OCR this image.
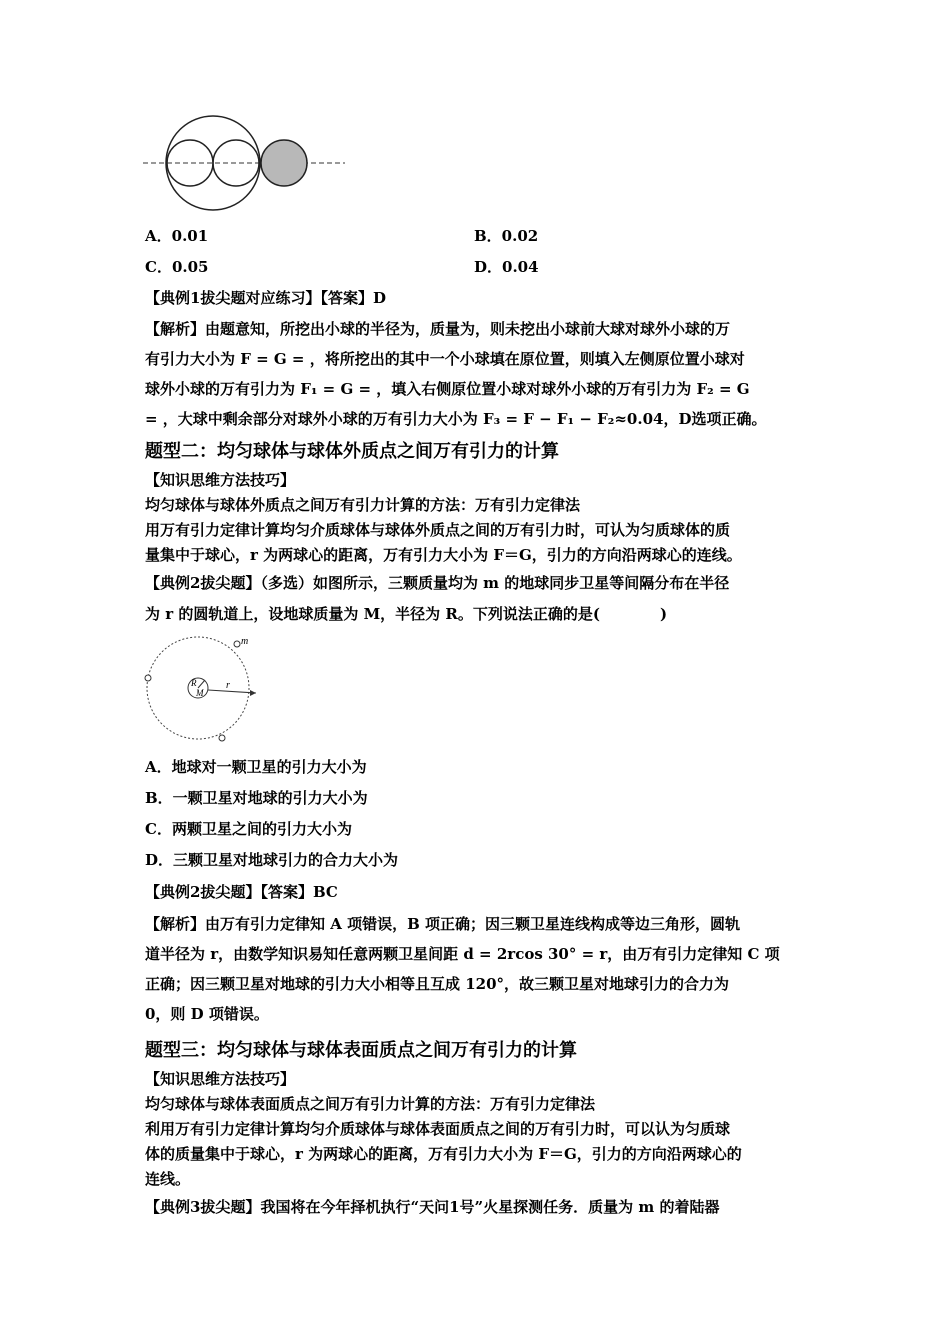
A．0.01	B．0.02
C．0.05	D．0.04
【典例1拔尖题对应练习】【答案】D
【解析】由题意知，所挖出小球的半径为，质量为，则未挖出小球前大球对球外小球的万
有引力大小为 F = G = ，将所挖出的其中一个小球填在原位置，则填入左侧原位置小球对
球外小球的万有引力为 F₁ = G = ，填入右侧原位置小球对球外小球的万有引力为 F₂ = G
= ，大球中剩余部分对球外小球的万有引力大小为 F₃ = F − F₁ − F₂≈0.04，D选项正确。
题型二：均匀球体与球体外质点之间万有引力的计算
【知识思维方法技巧】
均匀球体与球体外质点之间万有引力计算的方法：万有引力定律法
用万有引力定律计算均匀介质球体与球体外质点之间的万有引力时，可认为匀质球体的质
量集中于球心，r 为两球心的距离，万有引力大小为 F＝G，引力的方向沿两球心的连线。
【典例2拔尖题】（多选）如图所示，三颗质量均为 m 的地球同步卫星等间隔分布在半径
为 r 的圆轨道上，设地球质量为 M，半径为 R。下列说法正确的是(　　　　)
m
R
M
r
A．地球对一颗卫星的引力大小为
B．一颗卫星对地球的引力大小为
C．两颗卫星之间的引力大小为
D．三颗卫星对地球引力的合力大小为
【典例2拔尖题】【答案】BC
【解析】由万有引力定律知 A 项错误，B 项正确；因三颗卫星连线构成等边三角形，圆轨
道半径为 r，由数学知识易知任意两颗卫星间距 d = 2rcos 30° = r，由万有引力定律知 C 项
正确；因三颗卫星对地球的引力大小相等且互成 120°，故三颗卫星对地球引力的合力为
0，则 D 项错误。
题型三：均匀球体与球体表面质点之间万有引力的计算
【知识思维方法技巧】
均匀球体与球体表面质点之间万有引力计算的方法：万有引力定律法
利用万有引力定律计算均匀介质球体与球体表面质点之间的万有引力时，可以认为匀质球
体的质量集中于球心，r 为两球心的距离，万有引力大小为 F＝G，引力的方向沿两球心的
连线。
【典例3拔尖题】我国将在今年择机执行“天问1号”火星探测任务．质量为 m 的着陆器
